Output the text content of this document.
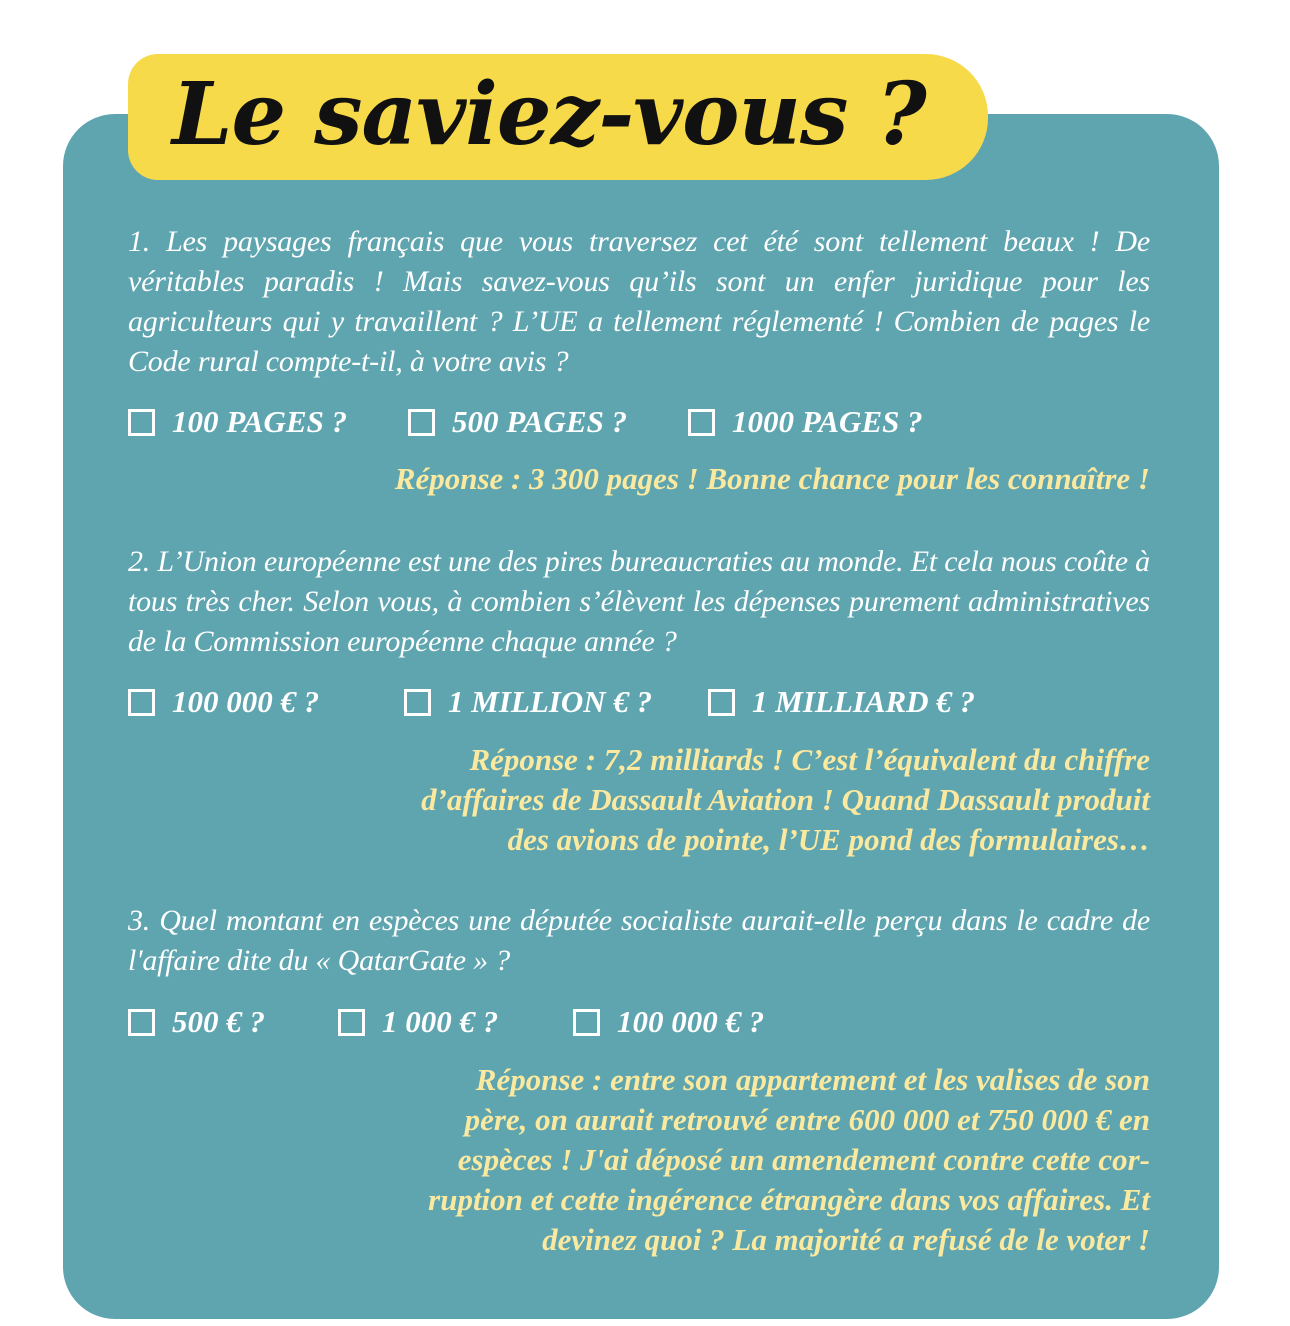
Le saviez-vous ?
1. Les paysages français que vous traversez cet été sont tellement beaux ! De véritables paradis ! Mais savez-vous qu’ils sont un enfer juridique pour les agriculteurs qui y travaillent ? L’UE a tellement réglementé ! Combien de pages le Code rural compte-t-il, à votre avis ?
100 PAGES ?	500 PAGES ?	1000 PAGES ?
Réponse : 3 300 pages ! Bonne chance pour les connaître !
2. L’Union européenne est une des pires bureaucraties au monde. Et cela nous coûte à tous très cher. Selon vous, à combien s’élèvent les dépenses purement administratives de la Commission européenne chaque année ?
100 000 € ?	1 MILLION € ?	1 MILLIARD € ?
Réponse : 7,2 milliards ! C’est l’équivalent du chiffre
d’affaires de Dassault Aviation ! Quand Dassault produit
des avions de pointe, l’UE pond des formulaires…
3. Quel montant en espèces une députée socialiste aurait-elle perçu dans le cadre de l'affaire dite du « QatarGate » ?
500 € ?	1 000 € ?	100 000 € ?
Réponse : entre son appartement et les valises de son
père, on aurait retrouvé entre 600 000 et 750 000 € en
espèces ! J'ai déposé un amendement contre cette cor-
ruption et cette ingérence étrangère dans vos affaires. Et
devinez quoi ? La majorité a refusé de le voter !
